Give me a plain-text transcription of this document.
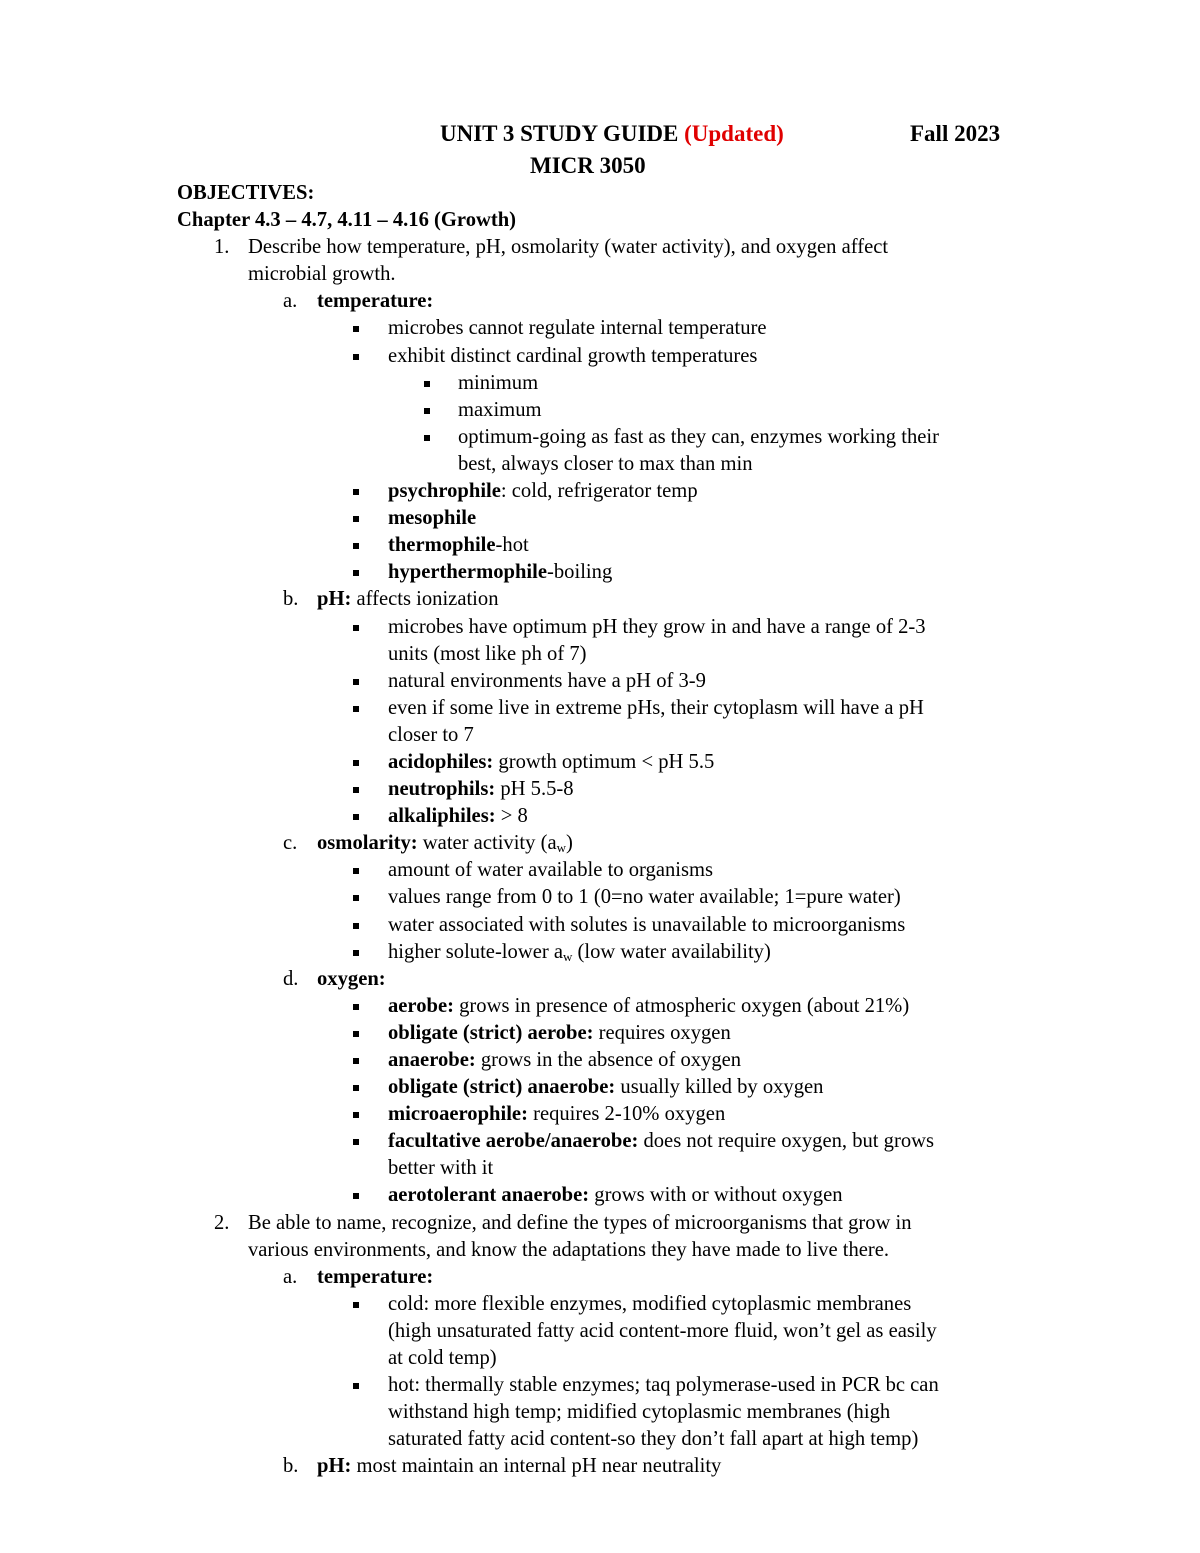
UNIT 3 STUDY GUIDE (Updated)	Fall 2023
MICR 3050
OBJECTIVES:
Chapter 4.3 – 4.7, 4.11 – 4.16 (Growth)
1. Describe how temperature, pH, osmolarity (water activity), and oxygen affect
microbial growth.
a. temperature:
microbes cannot regulate internal temperature
exhibit distinct cardinal growth temperatures
minimum
maximum
optimum-going as fast as they can, enzymes working their
best, always closer to max than min
psychrophile: cold, refrigerator temp
mesophile
thermophile-hot
hyperthermophile-boiling
b. pH: affects ionization
microbes have optimum pH they grow in and have a range of 2-3
units (most like ph of 7)
natural environments have a pH of 3-9
even if some live in extreme pHs, their cytoplasm will have a pH
closer to 7
acidophiles: growth optimum < pH 5.5
neutrophils: pH 5.5-8
alkaliphiles: > 8
c. osmolarity: water activity $(a_w)$
amount of water available to organisms
values range from 0 to 1 (0=no water available; 1=pure water)
water associated with solutes is unavailable to microorganisms
higher solute-lower $a_w$ (low water availability)
d. oxygen:
aerobe: grows in presence of atmospheric oxygen (about 21%)
obligate (strict) aerobe: requires oxygen
anaerobe: grows in the absence of oxygen
obligate (strict) anaerobe: usually killed by oxygen
microaerophile: requires 2-10% oxygen
facultative aerobe/anaerobe: does not require oxygen, but grows
better with it
aerotolerant anaerobe: grows with or without oxygen
2. Be able to name, recognize, and define the types of microorganisms that grow in
various environments, and know the adaptations they have made to live there.
a. temperature:
cold: more flexible enzymes, modified cytoplasmic membranes
(high unsaturated fatty acid content-more fluid, won’t gel as easily
at cold temp)
hot: thermally stable enzymes; taq polymerase-used in PCR bc can
withstand high temp; midified cytoplasmic membranes (high
saturated fatty acid content-so they don’t fall apart at high temp)
b. pH: most maintain an internal pH near neutrality
